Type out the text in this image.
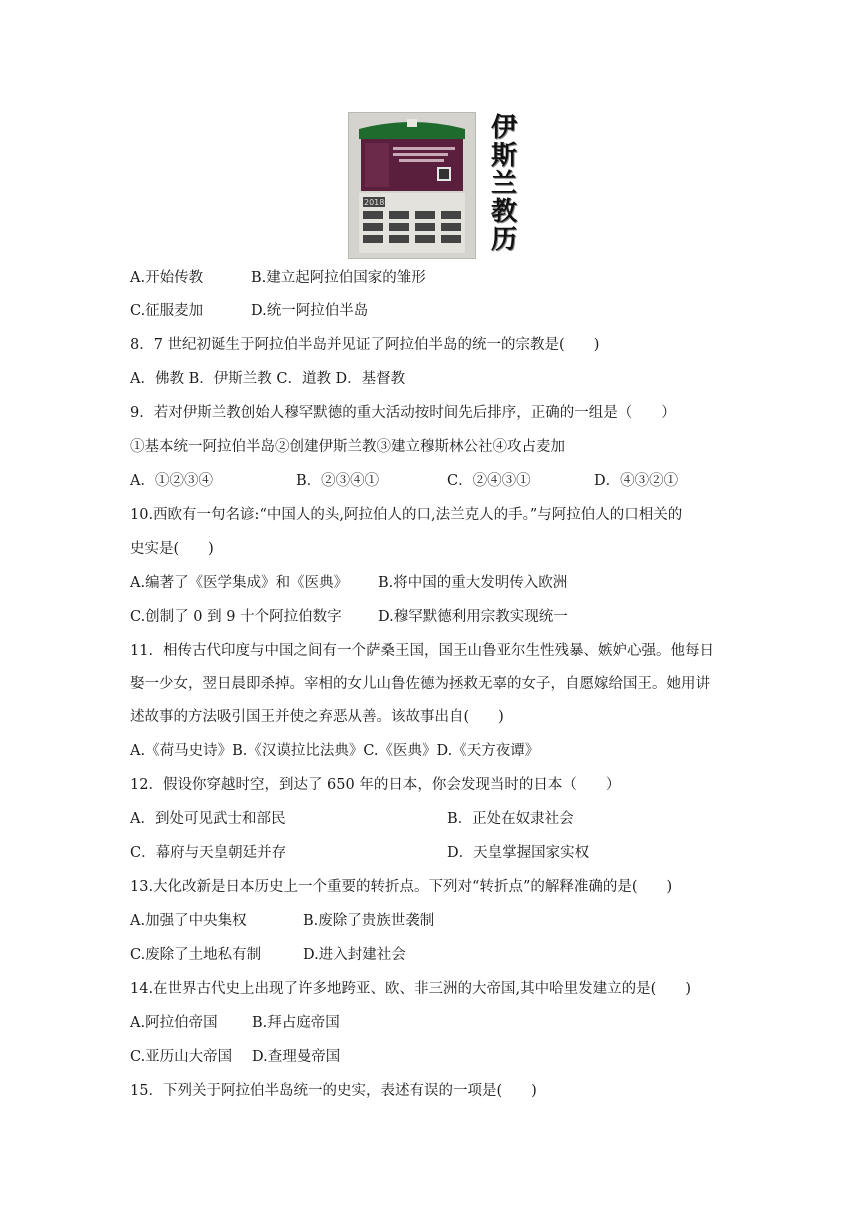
2018
伊
斯
兰
教
历
A.开始传教	B.建立起阿拉伯国家的雏形
C.征服麦加	D.统一阿拉伯半岛
8．7 世纪初诞生于阿拉伯半岛并见证了阿拉伯半岛的统一的宗教是(　　)
A．佛教 B．伊斯兰教 C．道教 D．基督教
9．若对伊斯兰教创始人穆罕默德的重大活动按时间先后排序，正确的一组是（　　）
①基本统一阿拉伯半岛②创建伊斯兰教③建立穆斯林公社④攻占麦加
A．①②③④	B．②③④①	C．②④③①	D．④③②①
10.西欧有一句名谚:“中国人的头,阿拉伯人的口,法兰克人的手。”与阿拉伯人的口相关的
史实是(　　)
A.编著了《医学集成》和《医典》 B.将中国的重大发明传入欧洲
C.创制了 0 到 9 十个阿拉伯数字	D.穆罕默德利用宗教实现统一
11．相传古代印度与中国之间有一个萨桑王国，国王山鲁亚尔生性残暴、嫉妒心强。他每日
娶一少女，翌日晨即杀掉。宰相的女儿山鲁佐德为拯救无辜的女子，自愿嫁给国王。她用讲
述故事的方法吸引国王并使之弃恶从善。该故事出自(　　)
A.《荷马史诗》B.《汉谟拉比法典》C.《医典》D.《天方夜谭》
12．假设你穿越时空，到达了 650 年的日本，你会发现当时的日本（　　）
A．到处可见武士和部民	B．正处在奴隶社会
C．幕府与天皇朝廷并存	D．天皇掌握国家实权
13.大化改新是日本历史上一个重要的转折点。下列对“转折点”的解释准确的是(　　)
A.加强了中央集权	B.废除了贵族世袭制
C.废除了土地私有制	D.进入封建社会
14.在世界古代史上出现了许多地跨亚、欧、非三洲的大帝国,其中哈里发建立的是(　　)
A.阿拉伯帝国 B.拜占庭帝国
C.亚历山大帝国 D.查理曼帝国
15．下列关于阿拉伯半岛统一的史实，表述有误的一项是(　　)
